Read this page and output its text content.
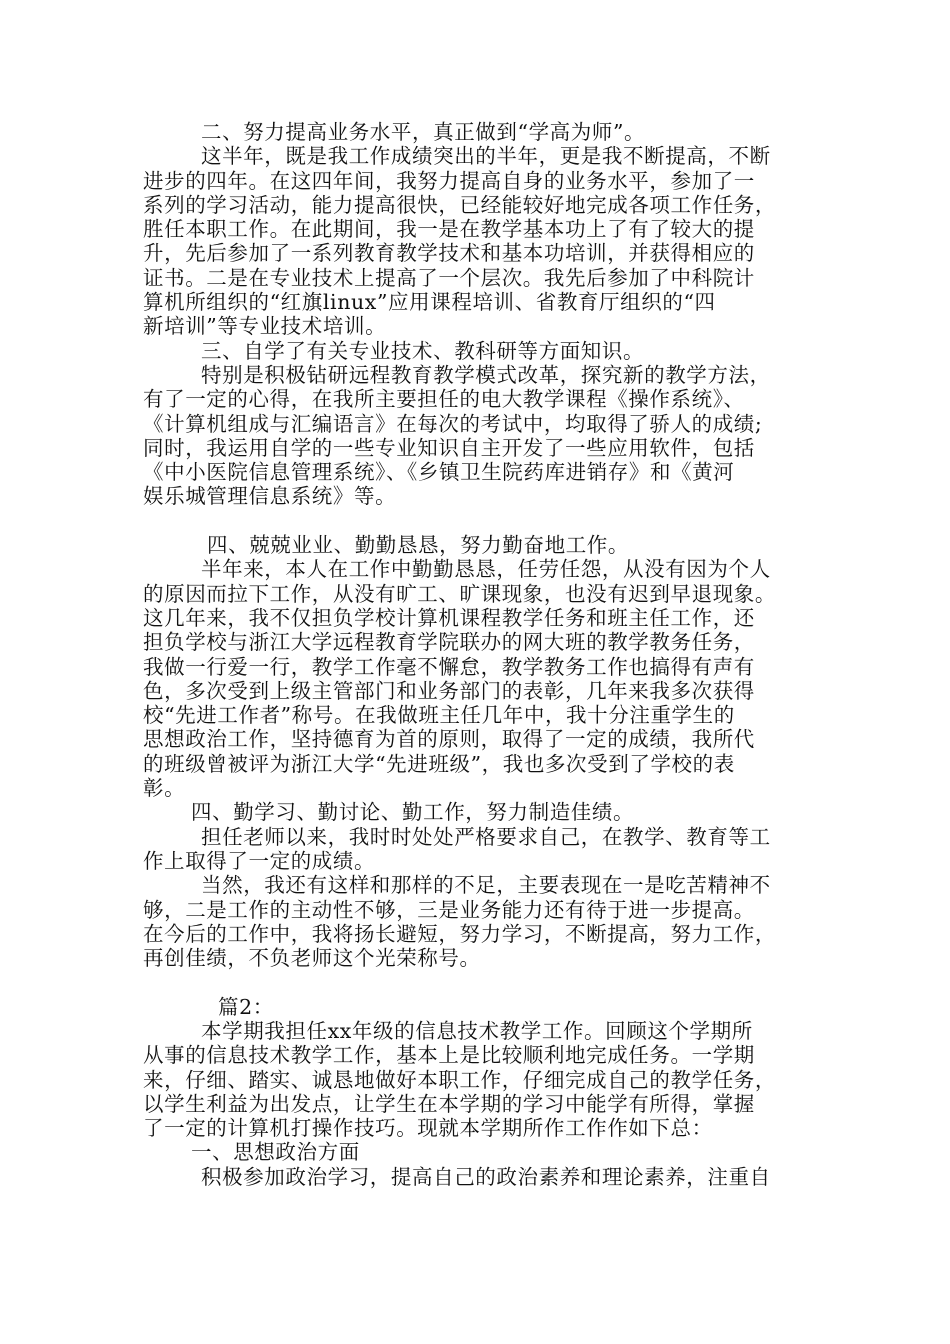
二、努力提高业务水平，真正做到“学高为师”。
这半年，既是我工作成绩突出的半年，更是我不断提高，不断
进步的四年。在这四年间，我努力提高自身的业务水平，参加了一
系列的学习活动，能力提高很快，已经能较好地完成各项工作任务，
胜任本职工作。在此期间，我一是在教学基本功上了有了较大的提
升，先后参加了一系列教育教学技术和基本功培训，并获得相应的
证书。二是在专业技术上提高了一个层次。我先后参加了中科院计
算机所组织的“红旗linux”应用课程培训、省教育厅组织的“四
新培训”等专业技术培训。
三、自学了有关专业技术、教科研等方面知识。
特别是积极钻研远程教育教学模式改革，探究新的教学方法，
有了一定的心得，在我所主要担任的电大教学课程《操作系统》、
《计算机组成与汇编语言》在每次的考试中，均取得了骄人的成绩;
同时，我运用自学的一些专业知识自主开发了一些应用软件，包括
《中小医院信息管理系统》、《乡镇卫生院药库进销存》和《黄河
娱乐城管理信息系统》等。
四、兢兢业业、勤勤恳恳，努力勤奋地工作。
半年来，本人在工作中勤勤恳恳，任劳任怨，从没有因为个人
的原因而拉下工作，从没有旷工、旷课现象，也没有迟到早退现象。
这几年来，我不仅担负学校计算机课程教学任务和班主任工作，还
担负学校与浙江大学远程教育学院联办的网大班的教学教务任务，
我做一行爱一行，教学工作毫不懈怠，教学教务工作也搞得有声有
色，多次受到上级主管部门和业务部门的表彰，几年来我多次获得
校“先进工作者”称号。在我做班主任几年中，我十分注重学生的
思想政治工作，坚持德育为首的原则，取得了一定的成绩，我所代
的班级曾被评为浙江大学“先进班级”，我也多次受到了学校的表
彰。
四、勤学习、勤讨论、勤工作，努力制造佳绩。
担任老师以来，我时时处处严格要求自己，在教学、教育等工
作上取得了一定的成绩。
当然，我还有这样和那样的不足，主要表现在一是吃苦精神不
够，二是工作的主动性不够，三是业务能力还有待于进一步提高。
在今后的工作中，我将扬长避短，努力学习，不断提高，努力工作，
再创佳绩，不负老师这个光荣称号。
篇2：
本学期我担任xx年级的信息技术教学工作。回顾这个学期所
从事的信息技术教学工作，基本上是比较顺利地完成任务。一学期
来，仔细、踏实、诚恳地做好本职工作，仔细完成自己的教学任务，
以学生利益为出发点，让学生在本学期的学习中能学有所得，掌握
了一定的计算机打操作技巧。现就本学期所作工作作如下总：
一、思想政治方面
积极参加政治学习，提高自己的政治素养和理论素养，注重自
